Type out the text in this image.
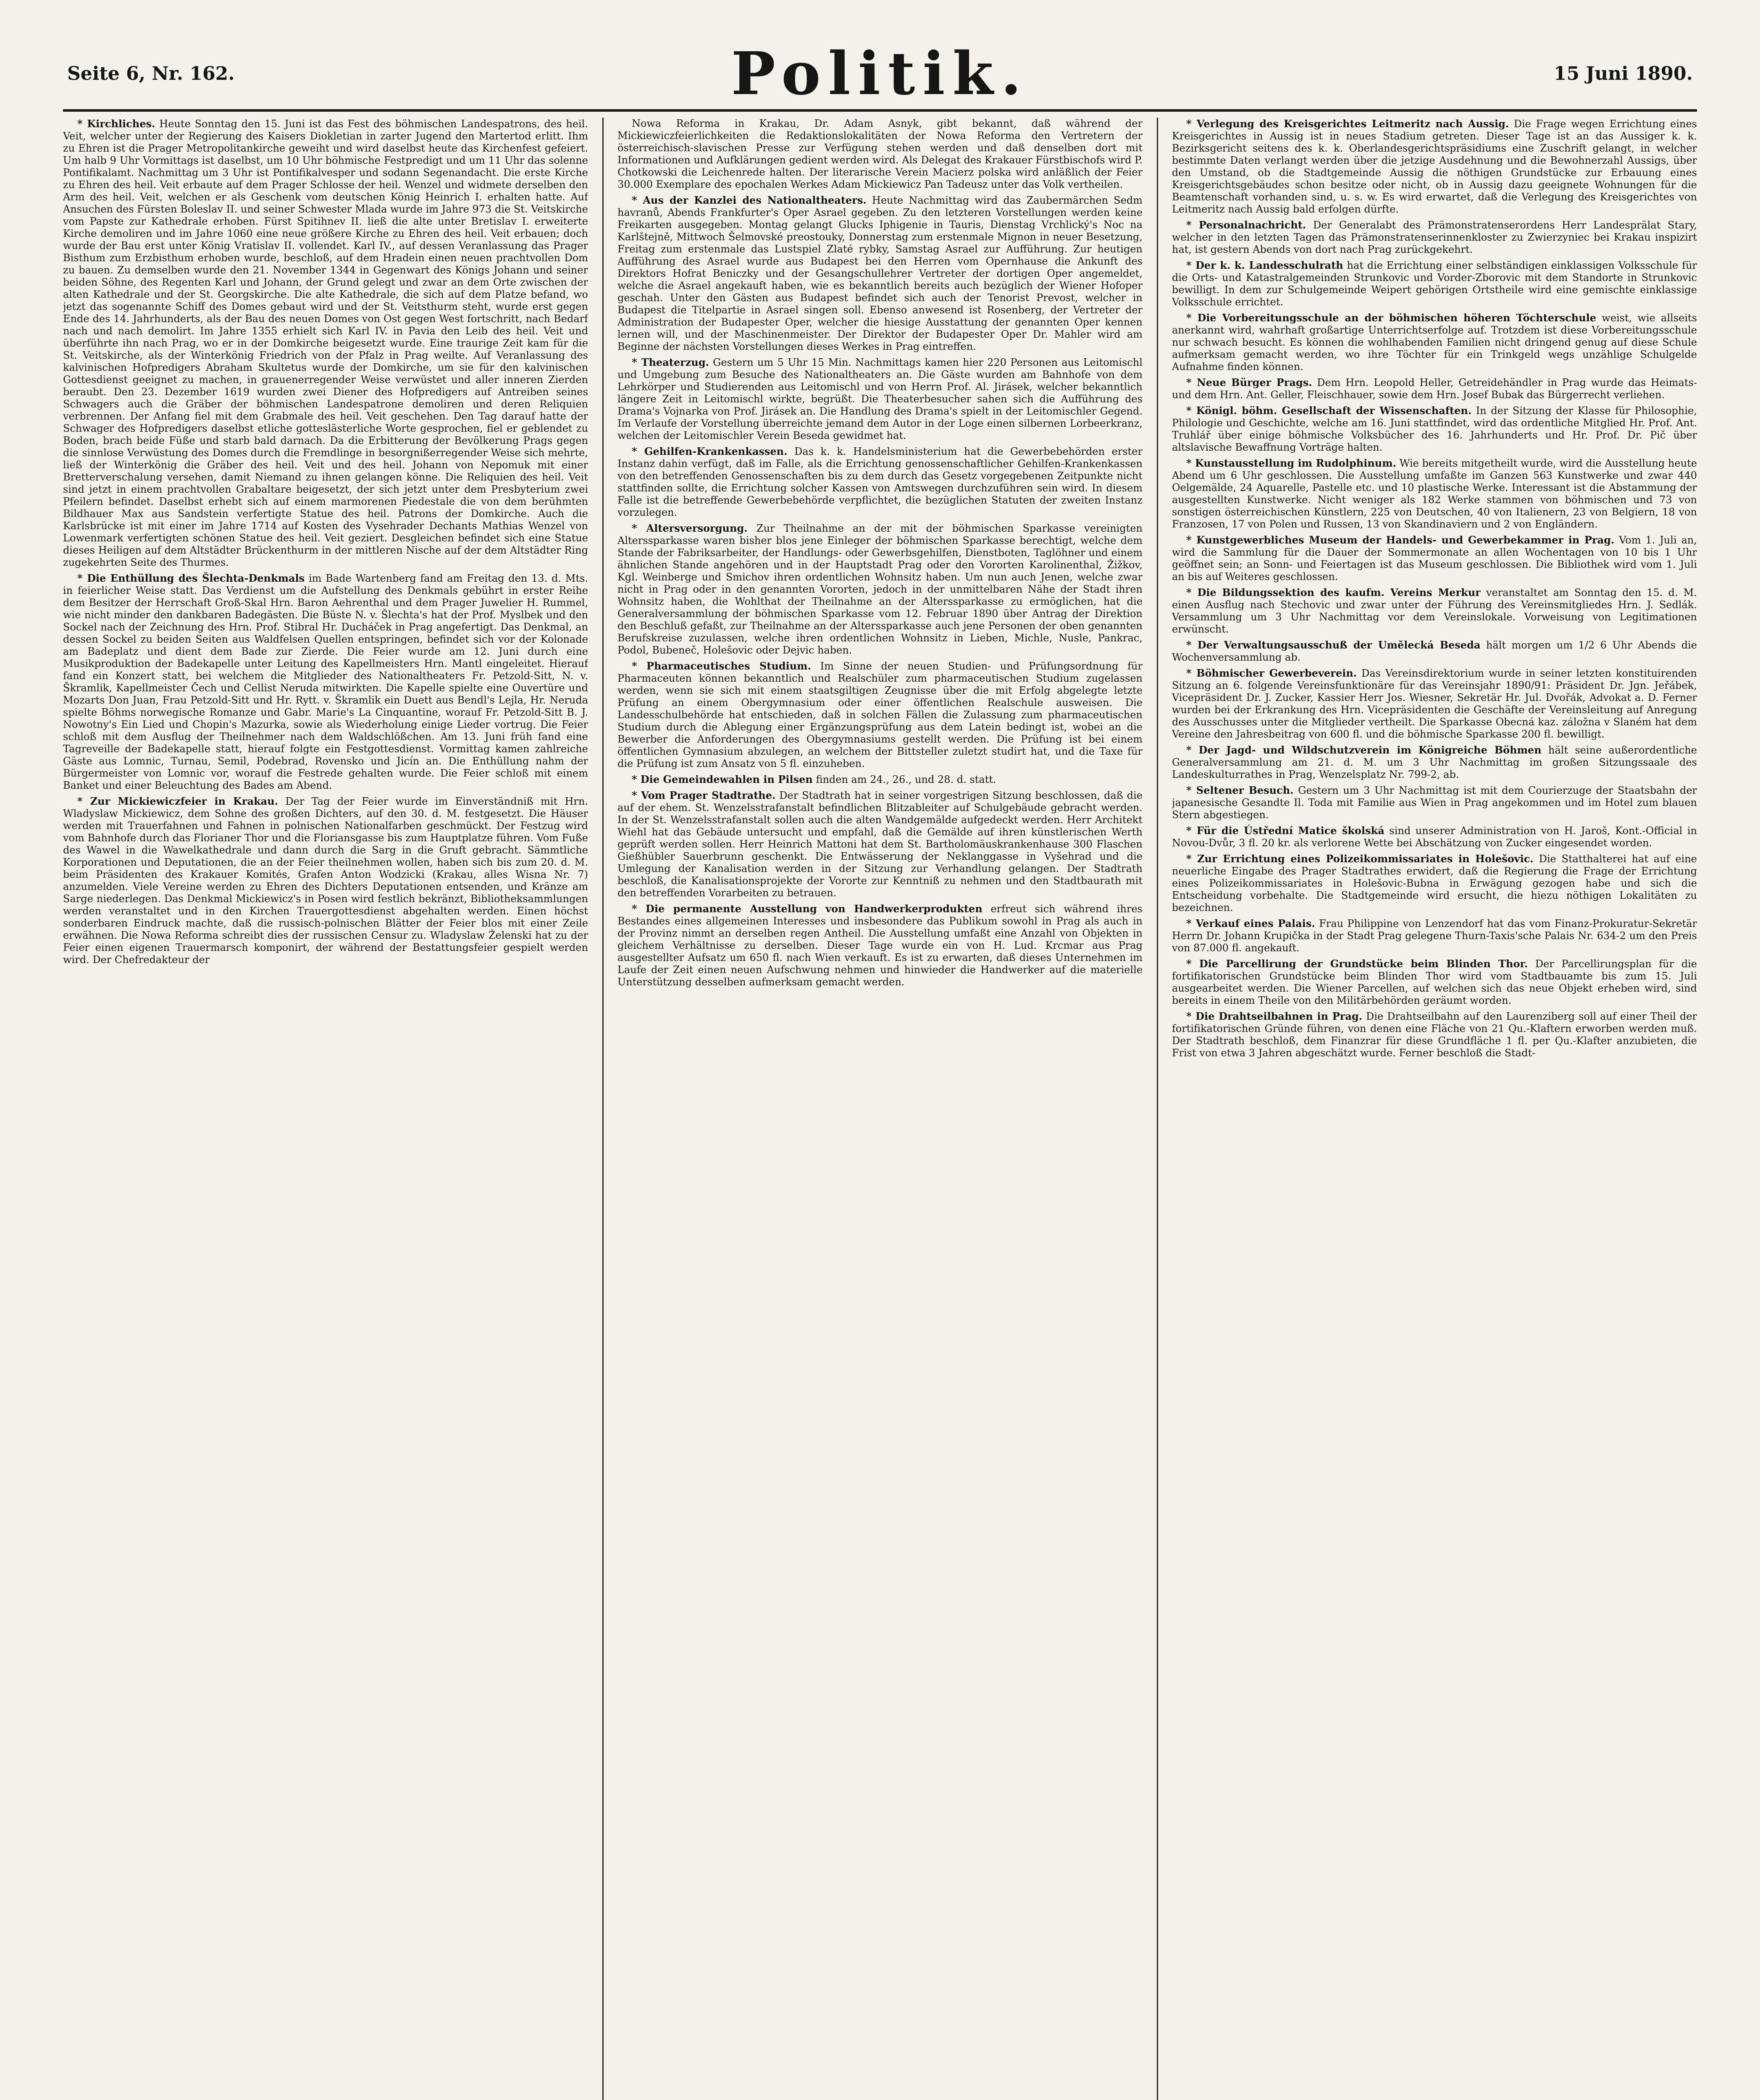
Seite 6, Nr. 162.	Politik.	15 Juni 1890.

* Kirchliches. Heute Sonntag den 15. Juni ist das Fest des böhmischen Landespatrons, des heil. Veit, welcher unter der Regierung des Kaisers Diokletian in zarter Jugend den Martertod erlitt. Ihm zu Ehren ist die Prager Metropolitankirche geweiht und wird daselbst heute das Kirchenfest gefeiert. Um halb 9 Uhr Vormittags ist daselbst, um 10 Uhr böhmische Festpredigt und um 11 Uhr das solenne Pontifikalamt. Nachmittag um 3 Uhr ist Pontifikalvesper und sodann Segenandacht. Die erste Kirche zu Ehren des heil. Veit erbaute auf dem Prager Schlosse der heil. Wenzel und widmete derselben den Arm des heil. Veit, welchen er als Geschenk vom deutschen König Heinrich I. erhalten hatte. Auf Ansuchen des Fürsten Boleslav II. und seiner Schwester Mlada wurde im Jahre 973 die St. Veitskirche vom Papste zur Kathedrale erhoben. Fürst Spitihnev II. ließ die alte unter Bretislav I. erweiterte Kirche demoliren und im Jahre 1060 eine neue größere Kirche zu Ehren des heil. Veit erbauen; doch wurde der Bau erst unter König Vratislav II. vollendet. Karl IV., auf dessen Veranlassung das Prager Bisthum zum Erzbisthum erhoben wurde, beschloß, auf dem Hradein einen neuen prachtvollen Dom zu bauen. Zu demselben wurde den 21. November 1344 in Gegenwart des Königs Johann und seiner beiden Söhne, des Regenten Karl und Johann, der Grund gelegt und zwar an dem Orte zwischen der alten Kathedrale und der St. Georgskirche. Die alte Kathedrale, die sich auf dem Platze befand, wo jetzt das sogenannte Schiff des Domes gebaut wird und der St. Veitsthurm steht, wurde erst gegen Ende des 14. Jahrhunderts, als der Bau des neuen Domes von Ost gegen West fortschritt, nach Bedarf nach und nach demolirt. Im Jahre 1355 erhielt sich Karl IV. in Pavia den Leib des heil. Veit und überführte ihn nach Prag, wo er in der Domkirche beigesetzt wurde. Eine traurige Zeit kam für die St. Veitskirche, als der Winterkönig Friedrich von der Pfalz in Prag weilte. Auf Veranlassung des kalvinischen Hofpredigers Abraham Skultetus wurde der Domkirche, um sie für den kalvinischen Gottesdienst geeignet zu machen, in grauenerregender Weise verwüstet und aller inneren Zierden beraubt. Den 23. Dezember 1619 wurden zwei Diener des Hofpredigers auf Antreiben seines Schwagers auch die Gräber der böhmischen Landespatrone demoliren und deren Reliquien verbrennen. Der Anfang fiel mit dem Grabmale des heil. Veit geschehen. Den Tag darauf hatte der Schwager des Hofpredigers daselbst etliche gotteslästerliche Worte gesprochen, fiel er geblendet zu Boden, brach beide Füße und starb bald darnach. Da die Erbitterung der Bevölkerung Prags gegen die sinnlose Verwüstung des Domes durch die Fremdlinge in besorgnißerregender Weise sich mehrte, ließ der Winterkönig die Gräber des heil. Veit und des heil. Johann von Nepomuk mit einer Bretterverschalung versehen, damit Niemand zu ihnen gelangen könne. Die Reliquien des heil. Veit sind jetzt in einem prachtvollen Grabaltare beigesetzt, der sich jetzt unter dem Presbyterium zwei Pfeilern befindet. Daselbst erhebt sich auf einem marmorenen Piedestale die von dem berühmten Bildhauer Max aus Sandstein verfertigte Statue des heil. Patrons der Domkirche. Auch die Karlsbrücke ist mit einer im Jahre 1714 auf Kosten des Vysehrader Dechants Mathias Wenzel von Lowenmark verfertigten schönen Statue des heil. Veit geziert. Desgleichen befindet sich eine Statue dieses Heiligen auf dem Altstädter Brückenthurm in der mittleren Nische auf der dem Altstädter Ring zugekehrten Seite des Thurmes.

* Die Enthüllung des Šlechta-Denkmals im Bade Wartenberg fand am Freitag den 13. d. Mts. in feierlicher Weise statt. Das Verdienst um die Aufstellung des Denkmals gebührt in erster Reihe dem Besitzer der Herrschaft Groß-Skal Hrn. Baron Aehrenthal und dem Prager Juwelier H. Rummel, wie nicht minder den dankbaren Badegästen. Die Büste N. v. Šlechta's hat der Prof. Myslbek und den Sockel nach der Zeichnung des Hrn. Prof. Stibral Hr. Ducháček in Prag angefertigt. Das Denkmal, an dessen Sockel zu beiden Seiten aus Waldfelsen Quellen entspringen, befindet sich vor der Kolonade am Badeplatz und dient dem Bade zur Zierde. Die Feier wurde am 12. Juni durch eine Musikproduktion der Badekapelle unter Leitung des Kapellmeisters Hrn. Mantl eingeleitet. Hierauf fand ein Konzert statt, bei welchem die Mitglieder des Nationaltheaters Fr. Petzold-Sitt, N. v. Škramlik, Kapellmeister Čech und Cellist Neruda mitwirkten. Die Kapelle spielte eine Ouvertüre und Mozarts Don Juan, Frau Petzold-Sitt und Hr. Rytt. v. Škramlik ein Duett aus Bendl's Lejla, Hr. Neruda spielte Böhms norwegische Romanze und Gabr. Marie's La Cinquantine, worauf Fr. Petzold-Sitt B. J. Nowotny's Ein Lied und Chopin's Mazurka, sowie als Wiederholung einige Lieder vortrug. Die Feier schloß mit dem Ausflug der Theilnehmer nach dem Waldschlößchen. Am 13. Juni früh fand eine Tagreveille der Badekapelle statt, hierauf folgte ein Festgottesdienst. Vormittag kamen zahlreiche Gäste aus Lomnic, Turnau, Semil, Podebrad, Rovensko und Jicín an. Die Enthüllung nahm der Bürgermeister von Lomnic vor, worauf die Festrede gehalten wurde. Die Feier schloß mit einem Banket und einer Beleuchtung des Bades am Abend.

* Zur Mickiewiczfeier in Krakau. Der Tag der Feier wurde im Einverständniß mit Hrn. Wladyslaw Mickiewicz, dem Sohne des großen Dichters, auf den 30. d. M. festgesetzt. Die Häuser werden mit Trauerfahnen und Fahnen in polnischen Nationalfarben geschmückt. Der Festzug wird vom Bahnhofe durch das Florianer Thor und die Floriansgasse bis zum Hauptplatze führen. Vom Fuße des Wawel in die Wawelkathedrale und dann durch die Sarg in die Gruft gebracht. Sämmtliche Korporationen und Deputationen, die an der Feier theilnehmen wollen, haben sich bis zum 20. d. M. beim Präsidenten des Krakauer Komités, Grafen Anton Wodzicki (Krakau, alles Wisna Nr. 7) anzumelden. Viele Vereine werden zu Ehren des Dichters Deputationen entsenden, und Kränze am Sarge niederlegen. Das Denkmal Mickiewicz's in Posen wird festlich bekränzt, Bibliotheksammlungen werden veranstaltet und in den Kirchen Trauergottesdienst abgehalten werden. Einen höchst sonderbaren Eindruck machte, daß die russisch-polnischen Blätter der Feier blos mit einer Zeile erwähnen. Die Nowa Reforma schreibt dies der russischen Censur zu. Wladyslaw Želenski hat zu der Feier einen eigenen Trauermarsch komponirt, der während der Bestattungsfeier gespielt werden wird. Der Chefredakteur der

Nowa Reforma in Krakau, Dr. Adam Asnyk, gibt bekannt, daß während der Mickiewiczfeierlichkeiten die Redaktionslokalitäten der Nowa Reforma den Vertretern der österreichisch-slavischen Presse zur Verfügung stehen werden und daß denselben dort mit Informationen und Aufklärungen gedient werden wird. Als Delegat des Krakauer Fürstbischofs wird P. Chotkowski die Leichenrede halten. Der literarische Verein Macierz polska wird anläßlich der Feier 30.000 Exemplare des epochalen Werkes Adam Mickiewicz Pan Tadeusz unter das Volk vertheilen.

* Aus der Kanzlei des Nationaltheaters. Heute Nachmittag wird das Zaubermärchen Sedm havranů, Abends Frankfurter's Oper Asrael gegeben. Zu den letzteren Vorstellungen werden keine Freikarten ausgegeben. Montag gelangt Glucks Iphigenie in Tauris, Dienstag Vrchlický's Noc na Karlštejně, Mittwoch Šelmovské preostouky, Donnerstag zum erstenmale Mignon in neuer Besetzung, Freitag zum erstenmale das Lustspiel Zlaté rybky, Samstag Asrael zur Aufführung. Zur heutigen Aufführung des Asrael wurde aus Budapest bei den Herren vom Opernhause die Ankunft des Direktors Hofrat Beniczky und der Gesangschullehrer Vertreter der dortigen Oper angemeldet, welche die Asrael angekauft haben, wie es bekanntlich bereits auch bezüglich der Wiener Hofoper geschah. Unter den Gästen aus Budapest befindet sich auch der Tenorist Prevost, welcher in Budapest die Titelpartie in Asrael singen soll. Ebenso anwesend ist Rosenberg, der Vertreter der Administration der Budapester Oper, welcher die hiesige Ausstattung der genannten Oper kennen lernen will, und der Maschinenmeister. Der Direktor der Budapester Oper Dr. Mahler wird am Beginne der nächsten Vorstellungen dieses Werkes in Prag eintreffen.

* Theaterzug. Gestern um 5 Uhr 15 Min. Nachmittags kamen hier 220 Personen aus Leitomischl und Umgebung zum Besuche des Nationaltheaters an. Die Gäste wurden am Bahnhofe von dem Lehrkörper und Studierenden aus Leitomischl und von Herrn Prof. Al. Jirásek, welcher bekanntlich längere Zeit in Leitomischl wirkte, begrüßt. Die Theaterbesucher sahen sich die Aufführung des Drama's Vojnarka von Prof. Jirásek an. Die Handlung des Drama's spielt in der Leitomischler Gegend. Im Verlaufe der Vorstellung überreichte jemand dem Autor in der Loge einen silbernen Lorbeerkranz, welchen der Leitomischler Verein Beseda gewidmet hat.

* Gehilfen-Krankenkassen. Das k. k. Handelsministerium hat die Gewerbebehörden erster Instanz dahin verfügt, daß im Falle, als die Errichtung genossenschaftlicher Gehilfen-Krankenkassen von den betreffenden Genossenschaften bis zu dem durch das Gesetz vorgegebenen Zeitpunkte nicht stattfinden sollte, die Errichtung solcher Kassen von Amtswegen durchzuführen sein wird. In diesem Falle ist die betreffende Gewerbebehörde verpflichtet, die bezüglichen Statuten der zweiten Instanz vorzulegen.

* Altersversorgung. Zur Theilnahme an der mit der böhmischen Sparkasse vereinigten Alterssparkasse waren bisher blos jene Einleger der böhmischen Sparkasse berechtigt, welche dem Stande der Fabriksarbeiter, der Handlungs- oder Gewerbsgehilfen, Dienstboten, Taglöhner und einem ähnlichen Stande angehören und in der Hauptstadt Prag oder den Vororten Karolinenthal, Žižkov, Kgl. Weinberge und Smichov ihren ordentlichen Wohnsitz haben. Um nun auch Jenen, welche zwar nicht in Prag oder in den genannten Vororten, jedoch in der unmittelbaren Nähe der Stadt ihren Wohnsitz haben, die Wohlthat der Theilnahme an der Alterssparkasse zu ermöglichen, hat die Generalversammlung der böhmischen Sparkasse vom 12. Februar 1890 über Antrag der Direktion den Beschluß gefaßt, zur Theilnahme an der Alterssparkasse auch jene Personen der oben genannten Berufskreise zuzulassen, welche ihren ordentlichen Wohnsitz in Lieben, Michle, Nusle, Pankrac, Podol, Bubeneč, Holešovic oder Dejvic haben.

* Pharmaceutisches Studium. Im Sinne der neuen Studien- und Prüfungsordnung für Pharmaceuten können bekanntlich und Realschüler zum pharmaceutischen Studium zugelassen werden, wenn sie sich mit einem staatsgiltigen Zeugnisse über die mit Erfolg abgelegte letzte Prüfung an einem Obergymnasium oder einer öffentlichen Realschule ausweisen. Die Landesschulbehörde hat entschieden, daß in solchen Fällen die Zulassung zum pharmaceutischen Studium durch die Ablegung einer Ergänzungsprüfung aus dem Latein bedingt ist, wobei an die Bewerber die Anforderungen des Obergymnasiums gestellt werden. Die Prüfung ist bei einem öffentlichen Gymnasium abzulegen, an welchem der Bittsteller zuletzt studirt hat, und die Taxe für die Prüfung ist zum Ansatz von 5 fl. einzuheben.

* Die Gemeindewahlen in Pilsen finden am 24., 26., und 28. d. statt.

* Vom Prager Stadtrathe. Der Stadtrath hat in seiner vorgestrigen Sitzung beschlossen, daß die auf der ehem. St. Wenzelsstrafanstalt befindlichen Blitzableiter auf Schulgebäude gebracht werden. In der St. Wenzelsstrafanstalt sollen auch die alten Wandgemälde aufgedeckt werden. Herr Architekt Wiehl hat das Gebäude untersucht und empfahl, daß die Gemälde auf ihren künstlerischen Werth geprüft werden sollen. Herr Heinrich Mattoni hat dem St. Bartholomäuskrankenhause 300 Flaschen Gießhübler Sauerbrunn geschenkt. Die Entwässerung der Neklanggasse in Vyšehrad und die Umlegung der Kanalisation werden in der Sitzung zur Verhandlung gelangen. Der Stadtrath beschloß, die Kanalisationsprojekte der Vororte zur Kenntniß zu nehmen und den Stadtbaurath mit den betreffenden Vorarbeiten zu betrauen.

* Die permanente Ausstellung von Handwerkerprodukten erfreut sich während ihres Bestandes eines allgemeinen Interesses und insbesondere das Publikum sowohl in Prag als auch in der Provinz nimmt an derselben regen Antheil. Die Ausstellung umfaßt eine Anzahl von Objekten in gleichem Verhältnisse zu derselben. Dieser Tage wurde ein von H. Lud. Krcmar aus Prag ausgestellter Aufsatz um 650 fl. nach Wien verkauft. Es ist zu erwarten, daß dieses Unternehmen im Laufe der Zeit einen neuen Aufschwung nehmen und hinwieder die Handwerker auf die materielle Unterstützung desselben aufmerksam gemacht werden.

* Verlegung des Kreisgerichtes Leitmeritz nach Aussig. Die Frage wegen Errichtung eines Kreisgerichtes in Aussig ist in neues Stadium getreten. Dieser Tage ist an das Aussiger k. k. Bezirksgericht seitens des k. k. Oberlandesgerichtspräsidiums eine Zuschrift gelangt, in welcher bestimmte Daten verlangt werden über die jetzige Ausdehnung und die Bewohnerzahl Aussigs, über den Umstand, ob die Stadtgemeinde Aussig die nöthigen Grundstücke zur Erbauung eines Kreisgerichtsgebäudes schon besitze oder nicht, ob in Aussig dazu geeignete Wohnungen für die Beamtenschaft vorhanden sind, u. s. w. Es wird erwartet, daß die Verlegung des Kreisgerichtes von Leitmeritz nach Aussig bald erfolgen dürfte.

* Personalnachricht. Der Generalabt des Prämonstratenserordens Herr Landesprälat Stary, welcher in den letzten Tagen das Prämonstratenserinnenkloster zu Zwierzyniec bei Krakau inspizirt hat, ist gestern Abends von dort nach Prag zurückgekehrt.

* Der k. k. Landesschulrath hat die Errichtung einer selbständigen einklassigen Volksschule für die Orts- und Katastralgemeinden Strunkovic und Vorder-Zborovic mit dem Standorte in Strunkovic bewilligt. In dem zur Schulgemeinde Weipert gehörigen Ortstheile wird eine gemischte einklassige Volksschule errichtet.

* Die Vorbereitungsschule an der böhmischen höheren Töchterschule weist, wie allseits anerkannt wird, wahrhaft großartige Unterrichtserfolge auf. Trotzdem ist diese Vorbereitungsschule nur schwach besucht. Es können die wohlhabenden Familien nicht dringend genug auf diese Schule aufmerksam gemacht werden, wo ihre Töchter für ein Trinkgeld wegs unzählige Schulgelde Aufnahme finden können.

* Neue Bürger Prags. Dem Hrn. Leopold Heller, Getreidehändler in Prag wurde das Heimats- und dem Hrn. Ant. Geller, Fleischhauer, sowie dem Hrn. Josef Bubak das Bürgerrecht verliehen.

* Königl. böhm. Gesellschaft der Wissenschaften. In der Sitzung der Klasse für Philosophie, Philologie und Geschichte, welche am 16. Juni stattfindet, wird das ordentliche Mitglied Hr. Prof. Ant. Truhlář über einige böhmische Volksbücher des 16. Jahrhunderts und Hr. Prof. Dr. Pič über altslavische Bewaffnung Vorträge halten.

* Kunstausstellung im Rudolphinum. Wie bereits mitgetheilt wurde, wird die Ausstellung heute Abend um 6 Uhr geschlossen. Die Ausstellung umfaßte im Ganzen 563 Kunstwerke und zwar 440 Oelgemälde, 24 Aquarelle, Pastelle etc. und 10 plastische Werke. Interessant ist die Abstammung der ausgestellten Kunstwerke. Nicht weniger als 182 Werke stammen von böhmischen und 73 von sonstigen österreichischen Künstlern, 225 von Deutschen, 40 von Italienern, 23 von Belgiern, 18 von Franzosen, 17 von Polen und Russen, 13 von Skandinaviern und 2 von Engländern.

* Kunstgewerbliches Museum der Handels- und Gewerbekammer in Prag. Vom 1. Juli an, wird die Sammlung für die Dauer der Sommermonate an allen Wochentagen von 10 bis 1 Uhr geöffnet sein; an Sonn- und Feiertagen ist das Museum geschlossen. Die Bibliothek wird vom 1. Juli an bis auf Weiteres geschlossen.

* Die Bildungssektion des kaufm. Vereins Merkur veranstaltet am Sonntag den 15. d. M. einen Ausflug nach Stechovic und zwar unter der Führung des Vereinsmitgliedes Hrn. J. Sedlák. Versammlung um 3 Uhr Nachmittag vor dem Vereinslokale. Vorweisung von Legitimationen erwünscht.

* Der Verwaltungsausschuß der Umělecká Beseda hält morgen um 1/2 6 Uhr Abends die Wochenversammlung ab.

* Böhmischer Gewerbeverein. Das Vereinsdirektorium wurde in seiner letzten konstituirenden Sitzung an 6. folgende Vereinsfunktionäre für das Vereinsjahr 1890/91: Präsident Dr. Jgn. Jeřábek, Vicepräsident Dr. J. Zucker, Kassier Herr Jos. Wiesner, Sekretär Hr. Jul. Dvořák, Advokat a. D. Ferner wurden bei der Erkrankung des Hrn. Vicepräsidenten die Geschäfte der Vereinsleitung auf Anregung des Ausschusses unter die Mitglieder vertheilt. Die Sparkasse Obecná kaz. záložna v Slaném hat dem Vereine den Jahresbeitrag von 600 fl. und die böhmische Sparkasse 200 fl. bewilligt.

* Der Jagd- und Wildschutzverein im Königreiche Böhmen hält seine außerordentliche Generalversammlung am 21. d. M. um 3 Uhr Nachmittag im großen Sitzungssaale des Landeskulturrathes in Prag, Wenzelsplatz Nr. 799-2, ab.

* Seltener Besuch. Gestern um 3 Uhr Nachmittag ist mit dem Courierzuge der Staatsbahn der japanesische Gesandte Il. Toda mit Familie aus Wien in Prag angekommen und im Hotel zum blauen Stern abgestiegen.

* Für die Ústřední Matice školská sind unserer Administration von H. Jaroš, Kont.-Official in Novou-Dvůr, 3 fl. 20 kr. als verlorene Wette bei Abschätzung von Zucker eingesendet worden.

* Zur Errichtung eines Polizeikommissariates in Holešovic. Die Statthalterei hat auf eine neuerliche Eingabe des Prager Stadtrathes erwidert, daß die Regierung die Frage der Errichtung eines Polizeikommissariates in Holešovic-Bubna in Erwägung gezogen habe und sich die Entscheidung vorbehalte. Die Stadtgemeinde wird ersucht, die hiezu nöthigen Lokalitäten zu bezeichnen.

* Verkauf eines Palais. Frau Philippine von Lenzendorf hat das vom Finanz-Prokuratur-Sekretär Herrn Dr. Johann Krupička in der Stadt Prag gelegene Thurn-Taxis'sche Palais Nr. 634-2 um den Preis von 87.000 fl. angekauft.

* Die Parcellirung der Grundstücke beim Blinden Thor. Der Parcellirungsplan für die fortifikatorischen Grundstücke beim Blinden Thor wird vom Stadtbauamte bis zum 15. Juli ausgearbeitet werden. Die Wiener Parcellen, auf welchen sich das neue Objekt erheben wird, sind bereits in einem Theile von den Militärbehörden geräumt worden.

* Die Drahtseilbahnen in Prag. Die Drahtseilbahn auf den Laurenziberg soll auf einer Theil der fortifikatorischen Gründe führen, von denen eine Fläche von 21 Qu.-Klaftern erworben werden muß. Der Stadtrath beschloß, dem Finanzrar für diese Grundfläche 1 fl. per Qu.-Klafter anzubieten, die Frist von etwa 3 Jahren abgeschätzt wurde. Ferner beschloß die Stadt-
